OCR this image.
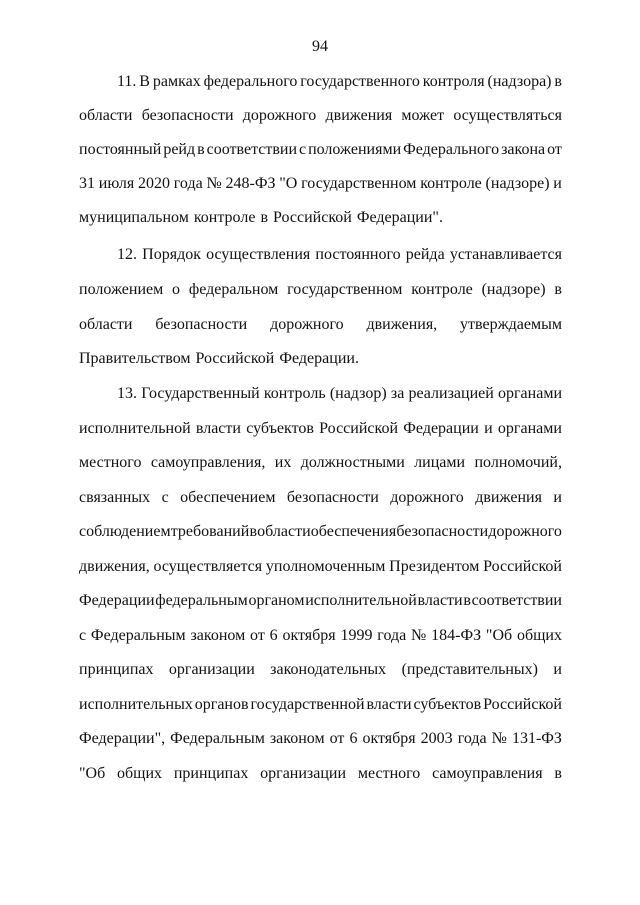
94
11. В рамках федерального государственного контроля (надзора) в
области безопасности дорожного движения может осуществляться
постоянный рейд в соответствии с положениями Федерального закона от
31 июля 2020 года № 248-ФЗ "О государственном контроле (надзоре) и
муниципальном контроле в Российской Федерации".
12. Порядок осуществления постоянного рейда устанавливается
положением о федеральном государственном контроле (надзоре) в
области безопасности дорожного движения, утверждаемым
Правительством Российской Федерации.
13. Государственный контроль (надзор) за реализацией органами
исполнительной власти субъектов Российской Федерации и органами
местного самоуправления, их должностными лицами полномочий,
связанных с обеспечением безопасности дорожного движения и
соблюдением требований в области обеспечения безопасности дорожного
движения, осуществляется уполномоченным Президентом Российской
Федерации федеральным органом исполнительной власти в соответствии
с Федеральным законом от 6 октября 1999 года № 184-ФЗ "Об общих
принципах организации законодательных (представительных) и
исполнительных органов государственной власти субъектов Российской
Федерации", Федеральным законом от 6 октября 2003 года № 131-ФЗ
"Об общих принципах организации местного самоуправления в
